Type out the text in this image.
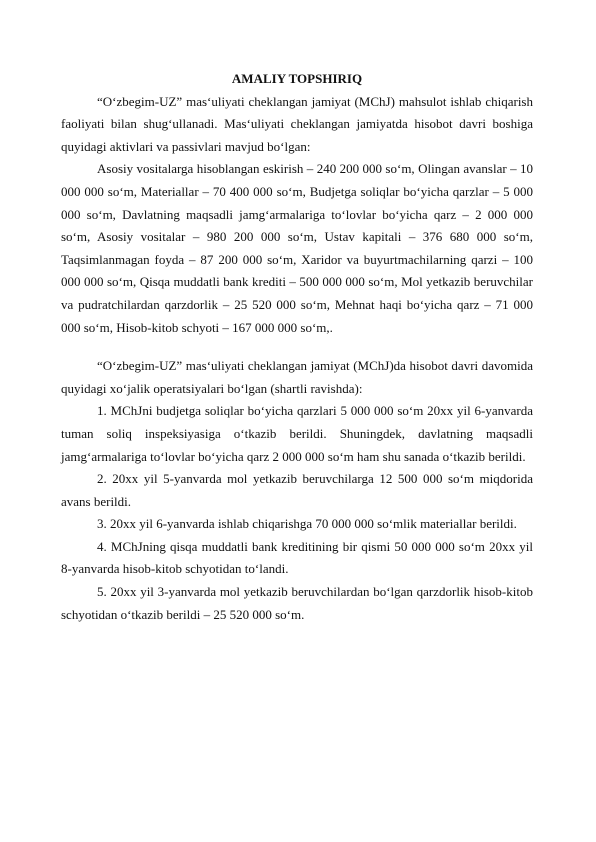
AMALIY TOPSHIRIQ

“O‘zbegim-UZ” mas‘uliyati cheklangan jamiyat (MChJ) mahsulot ishlab chiqarish faoliyati bilan shug‘ullanadi. Mas‘uliyati cheklangan jamiyatda hisobot davri boshiga quyidagi aktivlari va passivlari mavjud bo‘lgan:

Asosiy vositalarga hisoblangan eskirish – 240 200 000 so‘m, Olingan avanslar – 10 000 000 so‘m, Materiallar – 70 400 000 so‘m, Budjetga soliqlar bo‘yicha qarzlar – 5 000 000 so‘m, Davlatning maqsadli jamg‘armalariga to‘lovlar bo‘yicha qarz – 2 000 000 so‘m, Asosiy vositalar – 980 200 000 so‘m, Ustav kapitali – 376 680 000 so‘m, Taqsimlanmagan foyda – 87 200 000 so‘m, Xaridor va buyurtmachilarning qarzi – 100 000 000 so‘m, Qisqa muddatli bank krediti – 500 000 000 so‘m, Mol yetkazib beruvchilar va pudratchilardan qarzdorlik – 25 520 000 so‘m, Mehnat haqi bo‘yicha qarz – 71 000 000 so‘m, Hisob-kitob schyoti – 167 000 000 so‘m,.

“O‘zbegim-UZ” mas‘uliyati cheklangan jamiyat (MChJ)da hisobot davri davomida quyidagi xo‘jalik operatsiyalari bo‘lgan (shartli ravishda):

1. MChJni budjetga soliqlar bo‘yicha qarzlari 5 000 000 so‘m 20xx yil 6-yanvarda tuman soliq inspeksiyasiga o‘tkazib berildi. Shuningdek, davlatning maqsadli jamg‘armalariga to‘lovlar bo‘yicha qarz 2 000 000 so‘m ham shu sanada o‘tkazib berildi.

2. 20xx yil 5-yanvarda mol yetkazib beruvchilarga 12 500 000 so‘m miqdorida avans berildi.

3. 20xx yil 6-yanvarda ishlab chiqarishga 70 000 000 so‘mlik materiallar berildi.

4. MChJning qisqa muddatli bank kreditining bir qismi 50 000 000 so‘m 20xx yil 8-yanvarda hisob-kitob schyotidan to‘landi.

5. 20xx yil 3-yanvarda mol yetkazib beruvchilardan bo‘lgan qarzdorlik hisob-kitob schyotidan o‘tkazib berildi – 25 520 000 so‘m.
